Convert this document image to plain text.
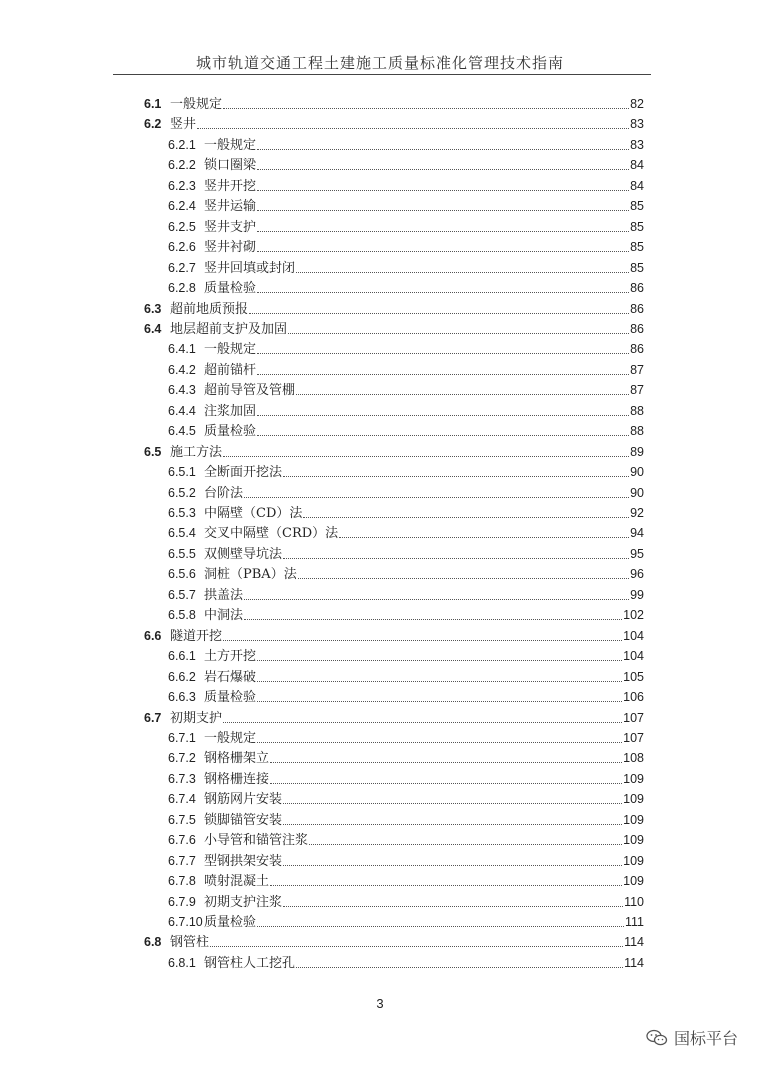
城市轨道交通工程土建施工质量标准化管理技术指南
6.1 一般规定	82
6.2 竖井	83
6.2.1 一般规定	83
6.2.2 锁口圈梁	84
6.2.3 竖井开挖	84
6.2.4 竖井运输	85
6.2.5 竖井支护	85
6.2.6 竖井衬砌	85
6.2.7 竖井回填或封闭	85
6.2.8 质量检验	86
6.3 超前地质预报	86
6.4 地层超前支护及加固	86
6.4.1 一般规定	86
6.4.2 超前锚杆	87
6.4.3 超前导管及管棚	87
6.4.4 注浆加固	88
6.4.5 质量检验	88
6.5 施工方法	89
6.5.1 全断面开挖法	90
6.5.2 台阶法	90
6.5.3 中隔壁（CD）法	92
6.5.4 交叉中隔壁（CRD）法	94
6.5.5 双侧壁导坑法	95
6.5.6 洞桩（PBA）法	96
6.5.7 拱盖法	99
6.5.8 中洞法	102
6.6 隧道开挖	104
6.6.1 土方开挖	104
6.6.2 岩石爆破	105
6.6.3 质量检验	106
6.7 初期支护	107
6.7.1 一般规定	107
6.7.2 钢格栅架立	108
6.7.3 钢格栅连接	109
6.7.4 钢筋网片安装	109
6.7.5 锁脚锚管安装	109
6.7.6 小导管和锚管注浆	109
6.7.7 型钢拱架安装	109
6.7.8 喷射混凝土	109
6.7.9 初期支护注浆	110
6.7.10 质量检验	111
6.8 钢管柱	114
6.8.1 钢管柱人工挖孔	114
3
国标平台
